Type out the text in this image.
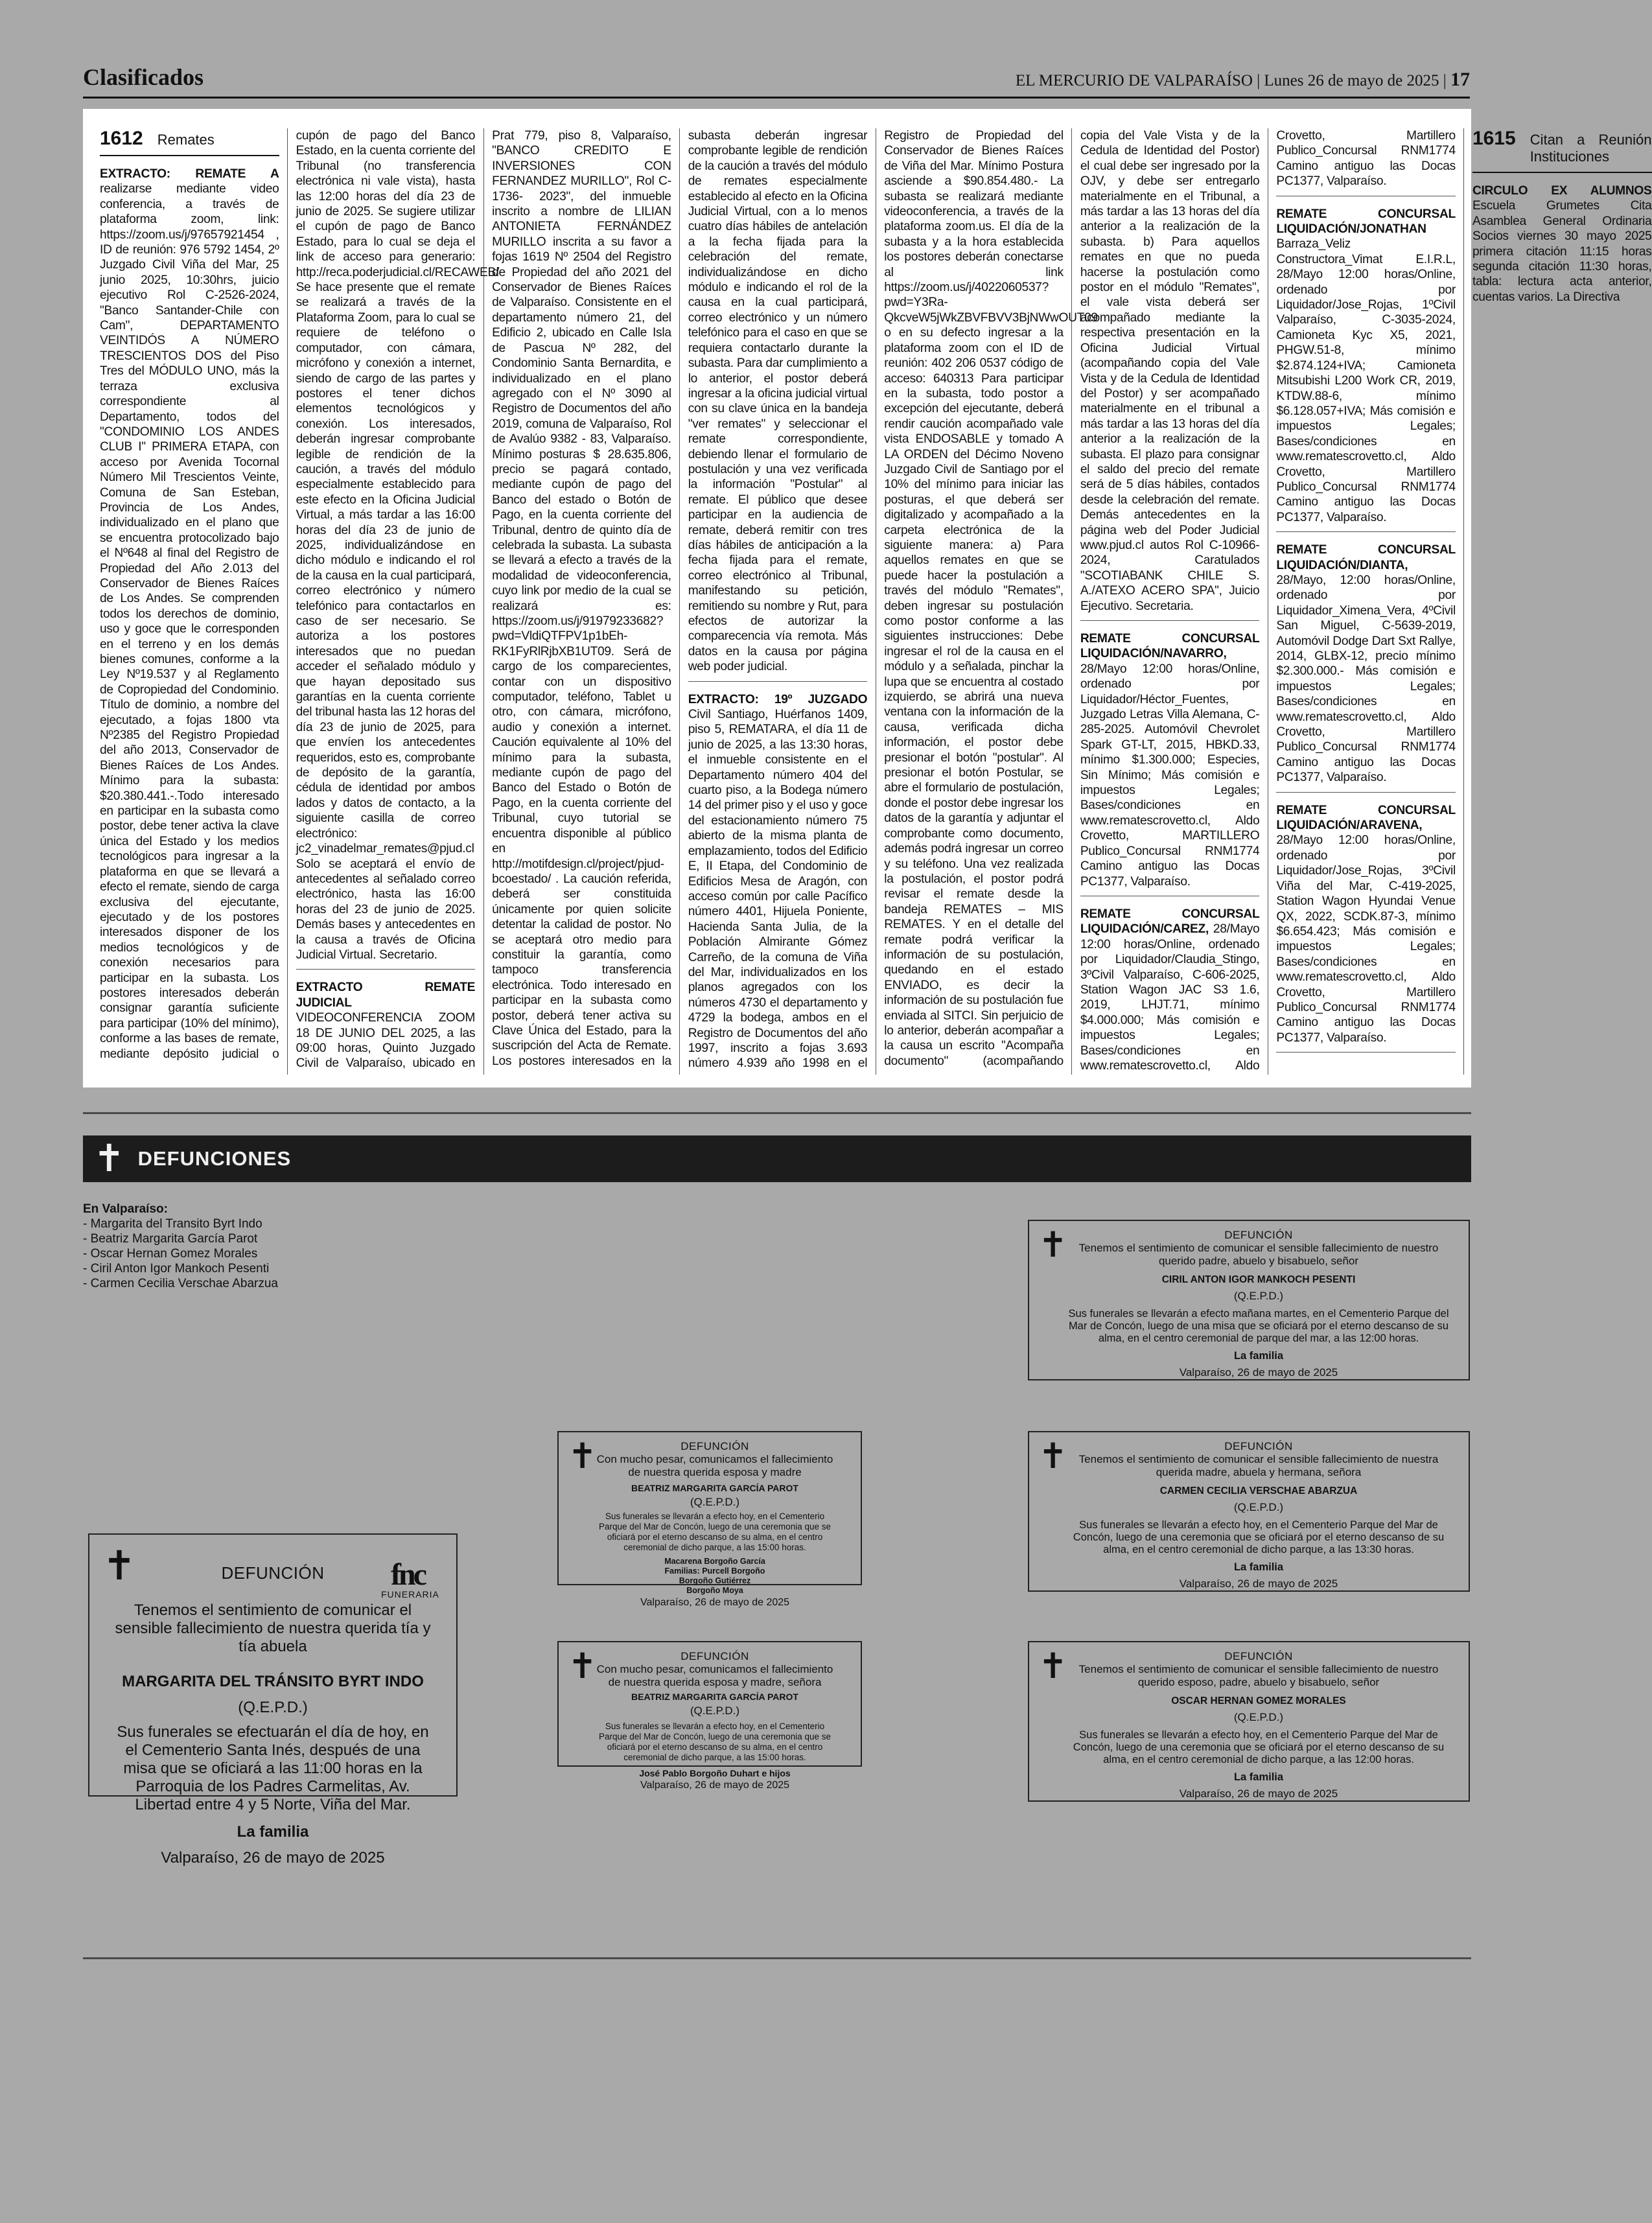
Clasificados	EL MERCURIO DE VALPARAÍSO | Lunes 26 de mayo de 2025 | 17
1612 Remates
EXTRACTO: REMATE A realizarse mediante video conferencia, a través de plataforma zoom, link: https://zoom.us/j/97657921454 , ID de reunión: 976 5792 1454, 2º Juzgado Civil Viña del Mar, 25 junio 2025, 10:30hrs, juicio ejecutivo Rol C-2526-2024, "Banco Santander-Chile con Cam", DEPARTAMENTO VEINTIDÓS A NÚMERO TRESCIENTOS DOS del Piso Tres del MÓDULO UNO, más la terraza exclusiva correspondiente al Departamento, todos del "CONDOMINIO LOS ANDES CLUB I" PRIMERA ETAPA, con acceso por Avenida Tocornal Número Mil Trescientos Veinte, Comuna de San Esteban, Provincia de Los Andes, individualizado en el plano que se encuentra protocolizado bajo el Nº648 al final del Registro de Propiedad del Año 2.013 del Conservador de Bienes Raíces de Los Andes. Se comprenden todos los derechos de dominio, uso y goce que le corresponden en el terreno y en los demás bienes comunes, conforme a la Ley Nº19.537 y al Reglamento de Copropiedad del Condominio. Título de dominio, a nombre del ejecutado, a fojas 1800 vta Nº2385 del Registro Propiedad del año 2013, Conservador de Bienes Raíces de Los Andes. Mínimo para la subasta: $20.380.441.-.Todo interesado en participar en la subasta como postor, debe tener activa la clave única del Estado y los medios tecnológicos para ingresar a la plataforma en que se llevará a efecto el remate, siendo de carga exclusiva del ejecutante, ejecutado y de los postores interesados disponer de los medios tecnológicos y de conexión necesarios para participar en la subasta. Los postores interesados deberán consignar garantía suficiente para participar (10% del mínimo), conforme a las bases de remate, mediante depósito judicial o cupón de pago del Banco Estado, en la cuenta corriente del Tribunal (no transferencia electrónica ni vale vista), hasta las 12:00 horas del día 23 de junio de 2025. Se sugiere utilizar el cupón de pago de Banco Estado, para lo cual se deja el link de acceso para generario: http://reca.poderjudicial.cl/RECAWEB/ Se hace presente que el remate se realizará a través de la Plataforma Zoom, para lo cual se requiere de teléfono o computador, con cámara, micrófono y conexión a internet, siendo de cargo de las partes y postores el tener dichos elementos tecnológicos y conexión. Los interesados, deberán ingresar comprobante legible de rendición de la caución, a través del módulo especialmente establecido para este efecto en la Oficina Judicial Virtual, a más tardar a las 16:00 horas del día 23 de junio de 2025, individualizándose en dicho módulo e indicando el rol de la causa en la cual participará, correo electrónico y número telefónico para contactarlos en caso de ser necesario. Se autoriza a los postores interesados que no puedan acceder el señalado módulo y que hayan depositado sus garantías en la cuenta corriente del tribunal hasta las 12 horas del día 23 de junio de 2025, para que envíen los antecedentes requeridos, esto es, comprobante de depósito de la garantía, cédula de identidad por ambos lados y datos de contacto, a la siguiente casilla de correo electrónico: jc2_vinadelmar_remates@pjud.cl Solo se aceptará el envío de antecedentes al señalado correo electrónico, hasta las 16:00 horas del 23 de junio de 2025. Demás bases y antecedentes en la causa a través de Oficina Judicial Virtual. Secretario.
EXTRACTO REMATE JUDICIAL VIDEOCONFERENCIA ZOOM 18 DE JUNIO DEL 2025, a las 09:00 horas, Quinto Juzgado Civil de Valparaíso, ubicado en Prat 779, piso 8, Valparaíso, "BANCO CREDITO E INVERSIONES CON FERNANDEZ MURILLO", Rol C-1736- 2023", del inmueble inscrito a nombre de LILIAN ANTONIETA FERNÁNDEZ MURILLO inscrita a su favor a fojas 1619 Nº 2504 del Registro de Propiedad del año 2021 del Conservador de Bienes Raíces de Valparaíso. Consistente en el departamento número 21, del Edificio 2, ubicado en Calle Isla de Pascua Nº 282, del Condominio Santa Bernardita, e individualizado en el plano agregado con el Nº 3090 al Registro de Documentos del año 2019, comuna de Valparaíso, Rol de Avalúo 9382 - 83, Valparaíso. Mínimo posturas $ 28.635.806, precio se pagará contado, mediante cupón de pago del Banco del estado o Botón de Pago, en la cuenta corriente del Tribunal, dentro de quinto día de celebrada la subasta. La subasta se llevará a efecto a través de la modalidad de videoconferencia, cuyo link por medio de la cual se realizará es: https://zoom.us/j/91979233682?pwd=VldiQTFPV1p1bEh-RK1FyRlRjbXB1UT09. Será de cargo de los comparecientes, contar con un dispositivo computador, teléfono, Tablet u otro, con cámara, micrófono, audio y conexión a internet. Caución equivalente al 10% del mínimo para la subasta, mediante cupón de pago del Banco del Estado o Botón de Pago, en la cuenta corriente del Tribunal, cuyo tutorial se encuentra disponible al público en http://motifdesign.cl/project/pjud-bcoestado/ . La caución referida, deberá ser constituida únicamente por quien solicite detentar la calidad de postor. No se aceptará otro medio para constituir la garantía, como tampoco transferencia electrónica. Todo interesado en participar en la subasta como postor, deberá tener activa su Clave Única del Estado, para la suscripción del Acta de Remate. Los postores interesados en la subasta deberán ingresar comprobante legible de rendición de la caución a través del módulo de remates especialmente establecido al efecto en la Oficina Judicial Virtual, con a lo menos cuatro días hábiles de antelación a la fecha fijada para la celebración del remate, individualizándose en dicho módulo e indicando el rol de la causa en la cual participará, correo electrónico y un número telefónico para el caso en que se requiera contactarlo durante la subasta. Para dar cumplimiento a lo anterior, el postor deberá ingresar a la oficina judicial virtual con su clave única en la bandeja "ver remates" y seleccionar el remate correspondiente, debiendo llenar el formulario de postulación y una vez verificada la información "Postular" al remate. El público que desee participar en la audiencia de remate, deberá remitir con tres días hábiles de anticipación a la fecha fijada para el remate, correo electrónico al Tribunal, manifestando su petición, remitiendo su nombre y Rut, para efectos de autorizar la comparecencia vía remota. Más datos en la causa por página web poder judicial.
EXTRACTO: 19º JUZGADO Civil Santiago, Huérfanos 1409, piso 5, REMATARA, el día 11 de junio de 2025, a las 13:30 horas, el inmueble consistente en el Departamento número 404 del cuarto piso, a la Bodega número 14 del primer piso y el uso y goce del estacionamiento número 75 abierto de la misma planta de emplazamiento, todos del Edificio E, II Etapa, del Condominio de Edificios Mesa de Aragón, con acceso común por calle Pacífico número 4401, Hijuela Poniente, Hacienda Santa Julia, de la Población Almirante Gómez Carreño, de la comuna de Viña del Mar, individualizados en los planos agregados con los números 4730 el departamento y 4729 la bodega, ambos en el Registro de Documentos del año 1997, inscrito a fojas 3.693 número 4.939 año 1998 en el Registro de Propiedad del Conservador de Bienes Raíces de Viña del Mar. Mínimo Postura asciende a $90.854.480.- La subasta se realizará mediante videoconferencia, a través de la plataforma zoom.us. El día de la subasta y a la hora establecida los postores deberán conectarse al link https://zoom.us/j/4022060537?pwd=Y3Ra-QkcveW5jWkZBVFBVV3BjNWwOUT09 o en su defecto ingresar a la plataforma zoom con el ID de reunión: 402 206 0537 código de acceso: 640313 Para participar en la subasta, todo postor a excepción del ejecutante, deberá rendir caución acompañado vale vista ENDOSABLE y tomado A LA ORDEN del Décimo Noveno Juzgado Civil de Santiago por el 10% del mínimo para iniciar las posturas, el que deberá ser digitalizado y acompañado a la carpeta electrónica de la siguiente manera: a) Para aquellos remates en que se puede hacer la postulación a través del módulo "Remates", deben ingresar su postulación como postor conforme a las siguientes instrucciones: Debe ingresar el rol de la causa en el módulo y a señalada, pinchar la lupa que se encuentra al costado izquierdo, se abrirá una nueva ventana con la información de la causa, verificada dicha información, el postor debe presionar el botón "postular". Al presionar el botón Postular, se abre el formulario de postulación, donde el postor debe ingresar los datos de la garantía y adjuntar el comprobante como documento, además podrá ingresar un correo y su teléfono. Una vez realizada la postulación, el postor podrá revisar el remate desde la bandeja REMATES – MIS REMATES. Y en el detalle del remate podrá verificar la información de su postulación, quedando en el estado ENVIADO, es decir la información de su postulación fue enviada al SITCI. Sin perjuicio de lo anterior, deberán acompañar a la causa un escrito "Acompaña documento" (acompañando copia del Vale Vista y de la Cedula de Identidad del Postor) el cual debe ser ingresado por la OJV, y debe ser entregarlo materialmente en el Tribunal, a más tardar a las 13 horas del día anterior a la realización de la subasta. b) Para aquellos remates en que no pueda hacerse la postulación como postor en el módulo "Remates", el vale vista deberá ser acompañado mediante la respectiva presentación en la Oficina Judicial Virtual (acompañando copia del Vale Vista y de la Cedula de Identidad del Postor) y ser acompañado materialmente en el tribunal a más tardar a las 13 horas del día anterior a la realización de la subasta. El plazo para consignar el saldo del precio del remate será de 5 días hábiles, contados desde la celebración del remate. Demás antecedentes en la página web del Poder Judicial www.pjud.cl autos Rol C-10966-2024, Caratulados "SCOTIABANK CHILE S. A./ATEXO ACERO SPA", Juicio Ejecutivo. Secretaria.
REMATE CONCURSAL LIQUIDACIÓN/NAVARRO, 28/Mayo 12:00 horas/Online, ordenado por Liquidador/Héctor_Fuentes, Juzgado Letras Villa Alemana, C-285-2025. Automóvil Chevrolet Spark GT-LT, 2015, HBKD.33, mínimo $1.300.000; Especies, Sin Mínimo; Más comisión e impuestos Legales; Bases/condiciones en www.rematescrovetto.cl, Aldo Crovetto, MARTILLERO Publico_Concursal RNM1774 Camino antiguo las Docas PC1377, Valparaíso.
REMATE CONCURSAL LIQUIDACIÓN/CAREZ, 28/Mayo 12:00 horas/Online, ordenado por Liquidador/Claudia_Stingo, 3ºCivil Valparaíso, C-606-2025, Station Wagon JAC S3 1.6, 2019, LHJT.71, mínimo $4.000.000; Más comisión e impuestos Legales; Bases/condiciones en www.rematescrovetto.cl, Aldo Crovetto, Martillero Publico_Concursal RNM1774 Camino antiguo las Docas PC1377, Valparaíso.
REMATE CONCURSAL LIQUIDACIÓN/JONATHAN Barraza_Veliz Constructora_Vimat E.I.R.L, 28/Mayo 12:00 horas/Online, ordenado por Liquidador/Jose_Rojas, 1ºCivil Valparaíso, C-3035-2024, Camioneta Kyc X5, 2021, PHGW.51-8, mínimo $2.874.124+IVA; Camioneta Mitsubishi L200 Work CR, 2019, KTDW.88-6, mínimo $6.128.057+IVA; Más comisión e impuestos Legales; Bases/condiciones en www.rematescrovetto.cl, Aldo Crovetto, Martillero Publico_Concursal RNM1774 Camino antiguo las Docas PC1377, Valparaíso.
REMATE CONCURSAL LIQUIDACIÓN/DIANTA, 28/Mayo, 12:00 horas/Online, ordenado por Liquidador_Ximena_Vera, 4ºCivil San Miguel, C-5639-2019, Automóvil Dodge Dart Sxt Rallye, 2014, GLBX-12, precio mínimo $2.300.000.- Más comisión e impuestos Legales; Bases/condiciones en www.rematescrovetto.cl, Aldo Crovetto, Martillero Publico_Concursal RNM1774 Camino antiguo las Docas PC1377, Valparaíso.
REMATE CONCURSAL LIQUIDACIÓN/ARAVENA, 28/Mayo 12:00 horas/Online, ordenado por Liquidador/Jose_Rojas, 3ºCivil Viña del Mar, C-419-2025, Station Wagon Hyundai Venue QX, 2022, SCDK.87-3, mínimo $6.654.423; Más comisión e impuestos Legales; Bases/condiciones en www.rematescrovetto.cl, Aldo Crovetto, Martillero Publico_Concursal RNM1774 Camino antiguo las Docas PC1377, Valparaíso.
1615 Citan a Reunión Instituciones
CIRCULO EX ALUMNOS Escuela Grumetes Cita Asamblea General Ordinaria Socios viernes 30 mayo 2025 primera citación 11:15 horas segunda citación 11:30 horas, tabla: lectura acta anterior, cuentas varios. La Directiva
✝ DEFUNCIONES
En Valparaíso:
- Margarita del Transito Byrt Indo
- Beatriz Margarita García Parot
- Oscar Hernan Gomez Morales
- Ciril Anton Igor Mankoch Pesenti
- Carmen Cecilia Verschae Abarzua
✝	fnc
FUNERARIA
DEFUNCIÓN
Tenemos el sentimiento de comunicar el sensible fallecimiento de nuestra querida tía y tía abuela
MARGARITA DEL TRÁNSITO BYRT INDO
(Q.E.P.D.)
Sus funerales se efectuarán el día de hoy, en el Cementerio Santa Inés, después de una misa que se oficiará a las 11:00 horas en la Parroquia de los Padres Carmelitas, Av. Libertad entre 4 y 5 Norte, Viña del Mar.
La familia
Valparaíso, 26 de mayo de 2025
✝	DEFUNCIÓN
Con mucho pesar, comunicamos el fallecimiento de nuestra querida esposa y madre
BEATRIZ MARGARITA GARCÍA PAROT
(Q.E.P.D.)
Sus funerales se llevarán a efecto hoy, en el Cementerio Parque del Mar de Concón, luego de una ceremonia que se oficiará por el eterno descanso de su alma, en el centro ceremonial de dicho parque, a las 15:00 horas.
Macarena Borgoño García
Familias: Purcell Borgoño
Borgoño Gutiérrez
Borgoño Moya
Valparaíso, 26 de mayo de 2025
✝	DEFUNCIÓN
Con mucho pesar, comunicamos el fallecimiento de nuestra querida esposa y madre, señora
BEATRIZ MARGARITA GARCÍA PAROT
(Q.E.P.D.)
Sus funerales se llevarán a efecto hoy, en el Cementerio Parque del Mar de Concón, luego de una ceremonia que se oficiará por el eterno descanso de su alma, en el centro ceremonial de dicho parque, a las 15:00 horas.
José Pablo Borgoño Duhart e hijos
Valparaíso, 26 de mayo de 2025
✝	DEFUNCIÓN
Tenemos el sentimiento de comunicar el sensible fallecimiento de nuestro querido padre, abuelo y bisabuelo, señor
CIRIL ANTON IGOR MANKOCH PESENTI
(Q.E.P.D.)
Sus funerales se llevarán a efecto mañana martes, en el Cementerio Parque del Mar de Concón, luego de una misa que se oficiará por el eterno descanso de su alma, en el centro ceremonial de parque del mar, a las 12:00 horas.
La familia
Valparaíso, 26 de mayo de 2025
✝	DEFUNCIÓN
Tenemos el sentimiento de comunicar el sensible fallecimiento de nuestra querida madre, abuela y hermana, señora
CARMEN CECILIA VERSCHAE ABARZUA
(Q.E.P.D.)
Sus funerales se llevarán a efecto hoy, en el Cementerio Parque del Mar de Concón, luego de una ceremonia que se oficiará por el eterno descanso de su alma, en el centro ceremonial de dicho parque, a las 13:30 horas.
La familia
Valparaíso, 26 de mayo de 2025
✝	DEFUNCIÓN
Tenemos el sentimiento de comunicar el sensible fallecimiento de nuestro querido esposo, padre, abuelo y bisabuelo, señor
OSCAR HERNAN GOMEZ MORALES
(Q.E.P.D.)
Sus funerales se llevarán a efecto hoy, en el Cementerio Parque del Mar de Concón, luego de una ceremonia que se oficiará por el eterno descanso de su alma, en el centro ceremonial de dicho parque, a las 12:00 horas.
La familia
Valparaíso, 26 de mayo de 2025
